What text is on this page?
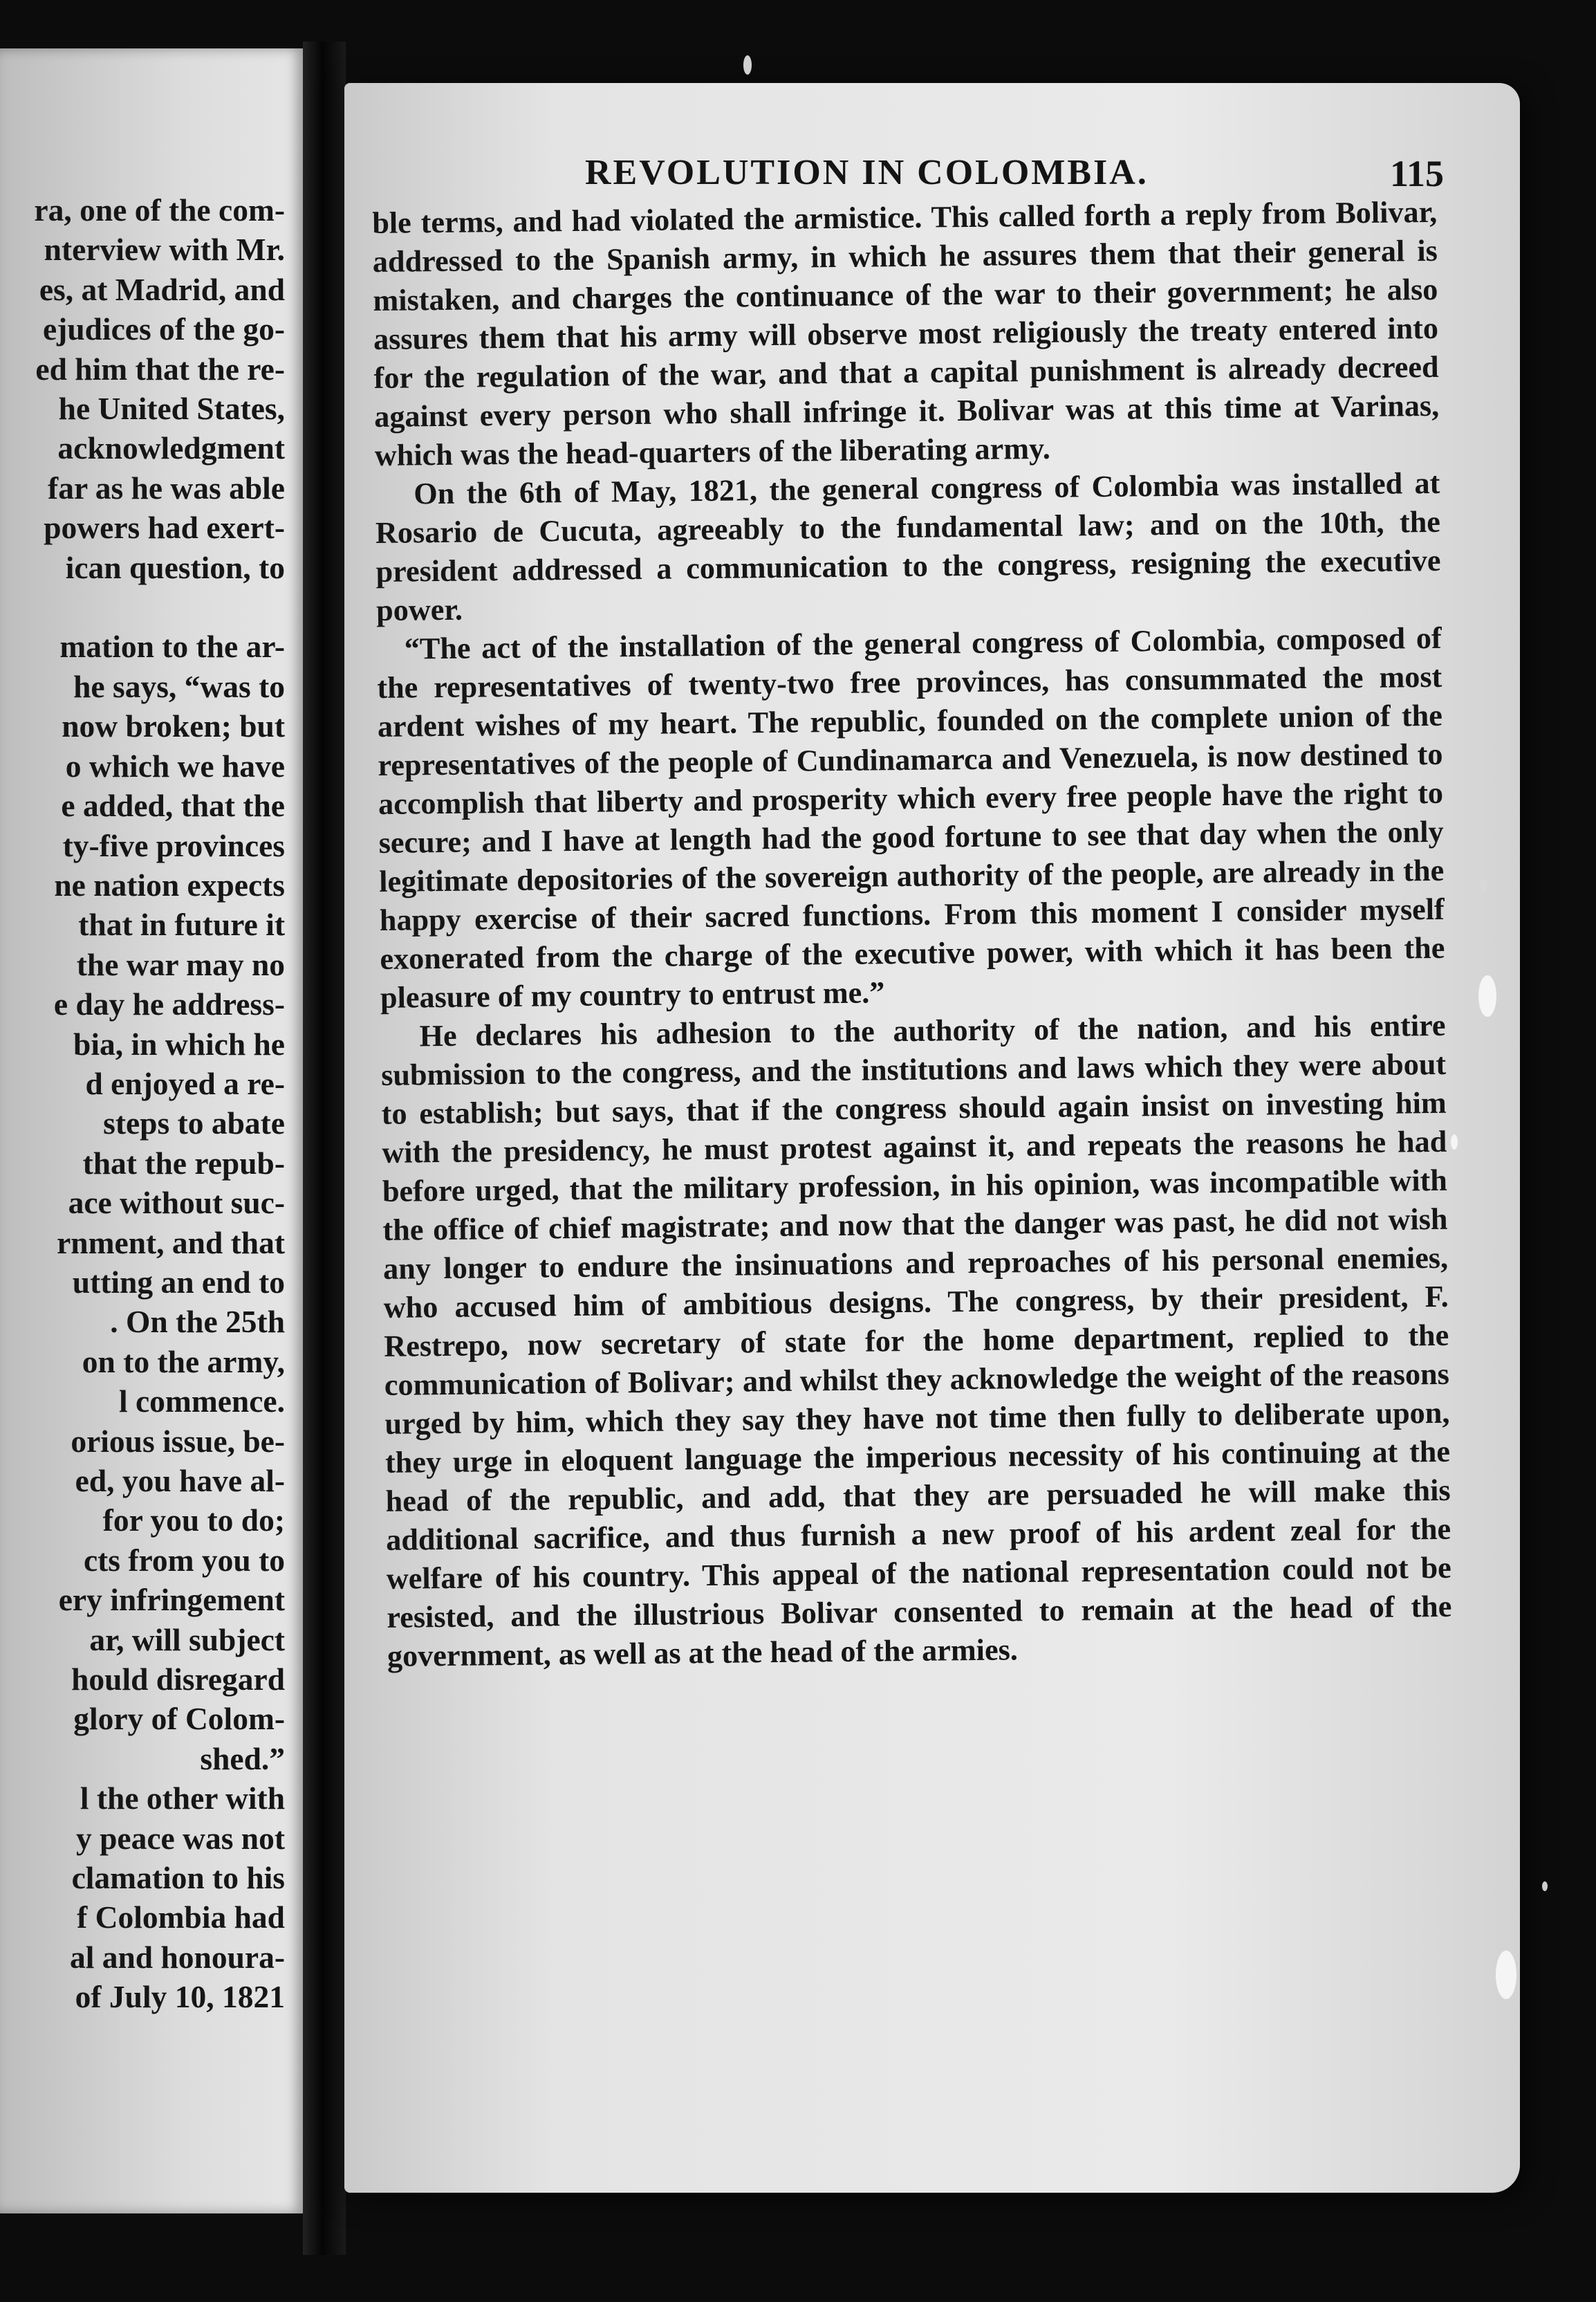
ra, one of the com-
nterview with Mr.
es, at Madrid, and
ejudices of the go-
ed him that the re-
he United States,
acknowledgment
far as he was able
powers had exert-
ican question, to

mation to the ar-
he says, “was to
now broken; but
o which we have
e added, that the
ty-five provinces
ne nation expects
that in future it
the war may no
e day he address-
bia, in which he
d enjoyed a re-
steps to abate
that the repub-
ace without suc-
rnment, and that
utting an end to
. On the 25th
on to the army,
l commence.
orious issue, be-
ed, you have al-
for you to do;
cts from you to
ery infringement
ar, will subject
hould disregard
glory of Colom-
shed.”
l the other with
y peace was not
clamation to his
f Colombia had
al and honoura-
of July 10, 1821
REVOLUTION IN COLOMBIA.	115

ble terms, and had violated the armistice. This called forth a reply from Bolivar, addressed to the Spanish army, in which he assures them that their general is mistaken, and charges the continuance of the war to their government; he also assures them that his army will observe most religiously the treaty entered into for the regulation of the war, and that a capital punishment is already decreed against every person who shall infringe it. Bolivar was at this time at Varinas, which was the head-quarters of the liberating army.

On the 6th of May, 1821, the general congress of Colombia was installed at Rosario de Cucuta, agreeably to the fundamental law; and on the 10th, the president addressed a communication to the congress, resigning the executive power.

“The act of the installation of the general congress of Colombia, composed of the representatives of twenty-two free provinces, has consummated the most ardent wishes of my heart. The republic, founded on the complete union of the representatives of the people of Cundinamarca and Venezuela, is now destined to accomplish that liberty and prosperity which every free people have the right to secure; and I have at length had the good fortune to see that day when the only legitimate depositories of the sovereign authority of the people, are already in the happy exercise of their sacred functions. From this moment I consider myself exonerated from the charge of the executive power, with which it has been the pleasure of my country to entrust me.”

He declares his adhesion to the authority of the nation, and his entire submission to the congress, and the institutions and laws which they were about to establish; but says, that if the congress should again insist on investing him with the presidency, he must protest against it, and repeats the reasons he had before urged, that the military profession, in his opinion, was incompatible with the office of chief magistrate; and now that the danger was past, he did not wish any longer to endure the insinuations and reproaches of his personal enemies, who accused him of ambitious designs. The congress, by their president, F. Restrepo, now secretary of state for the home department, replied to the communication of Bolivar; and whilst they acknowledge the weight of the reasons urged by him, which they say they have not time then fully to deliberate upon, they urge in eloquent language the imperious necessity of his continuing at the head of the republic, and add, that they are persuaded he will make this additional sacrifice, and thus furnish a new proof of his ardent zeal for the welfare of his country. This appeal of the national representation could not be resisted, and the illustrious Bolivar consented to remain at the head of the government, as well as at the head of the armies.
